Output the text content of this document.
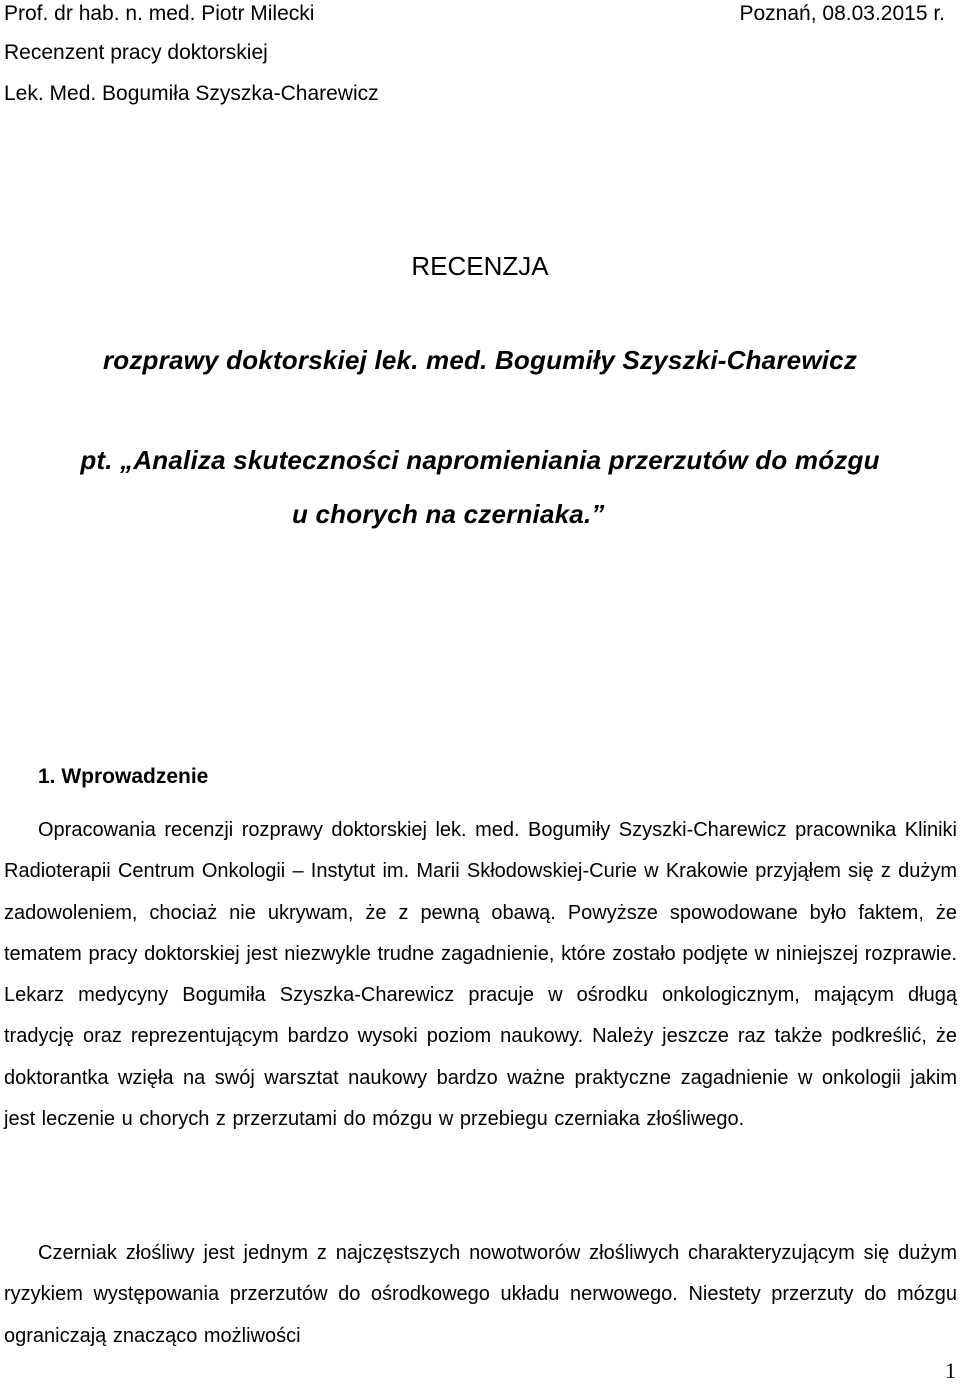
Prof. dr hab. n. med. Piotr Milecki	Poznań, 08.03.2015 r.
Recenzent pracy doktorskiej
Lek. Med. Bogumiła Szyszka-Charewicz
RECENZJA
rozprawy doktorskiej lek. med. Bogumiły Szyszki-Charewicz
pt. „Analiza skuteczności napromieniania przerzutów do mózgu
u chorych na czerniaka.”
1. Wprowadzenie
Opracowania recenzji rozprawy doktorskiej lek. med. Bogumiły Szyszki-Charewicz pracownika Kliniki Radioterapii Centrum Onkologii – Instytut im. Marii Skłodowskiej-Curie w Krakowie przyjąłem się z dużym zadowoleniem, chociaż nie ukrywam, że z pewną obawą. Powyższe spowodowane było faktem, że tematem pracy doktorskiej jest niezwykle trudne zagadnienie, które zostało podjęte w niniejszej rozprawie. Lekarz medycyny Bogumiła Szyszka-Charewicz pracuje w ośrodku onkologicznym, mającym długą tradycję oraz reprezentującym bardzo wysoki poziom naukowy. Należy jeszcze raz także podkreślić, że doktorantka wzięła na swój warsztat naukowy bardzo ważne praktyczne zagadnienie w onkologii jakim jest leczenie u chorych z przerzutami do mózgu w przebiegu czerniaka złośliwego.
Czerniak złośliwy jest jednym z najczęstszych nowotworów złośliwych charakteryzującym się dużym ryzykiem występowania przerzutów do ośrodkowego układu nerwowego. Niestety przerzuty do mózgu ograniczają znacząco możliwości
1
